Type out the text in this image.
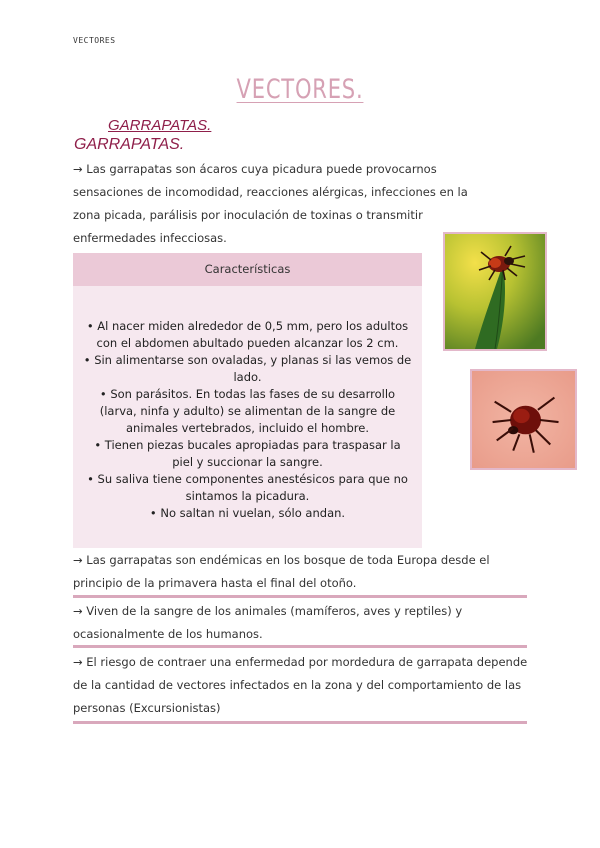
VECTORES
VECTORES.
GARRAPATAS.
GARRAPATAS.
→ Las garrapatas son ácaros cuya picadura puede provocarnos sensaciones de incomodidad, reacciones alérgicas, infecciones en la zona picada, parálisis por inoculación de toxinas o transmitir enfermedades infecciosas.
Características
• Al nacer miden alrededor de 0,5 mm, pero los adultos con el abdomen abultado pueden alcanzar los 2 cm.
• Sin alimentarse son ovaladas, y planas si las vemos de lado.
• Son parásitos. En todas las fases de su desarrollo (larva, ninfa y adulto) se alimentan de la sangre de animales vertebrados, incluido el hombre.
• Tienen piezas bucales apropiadas para traspasar la piel y succionar la sangre.
• Su saliva tiene componentes anestésicos para que no sintamos la picadura.
• No saltan ni vuelan, sólo andan.
→ Las garrapatas son endémicas en los bosque de toda Europa desde el principio de la primavera hasta el final del otoño.
→ Viven de la sangre de los animales (mamíferos, aves y reptiles) y ocasionalmente de los humanos.
→ El riesgo de contraer una enfermedad por mordedura de garrapata depende de la cantidad de vectores infectados en la zona y del comportamiento de las personas (Excursionistas)
